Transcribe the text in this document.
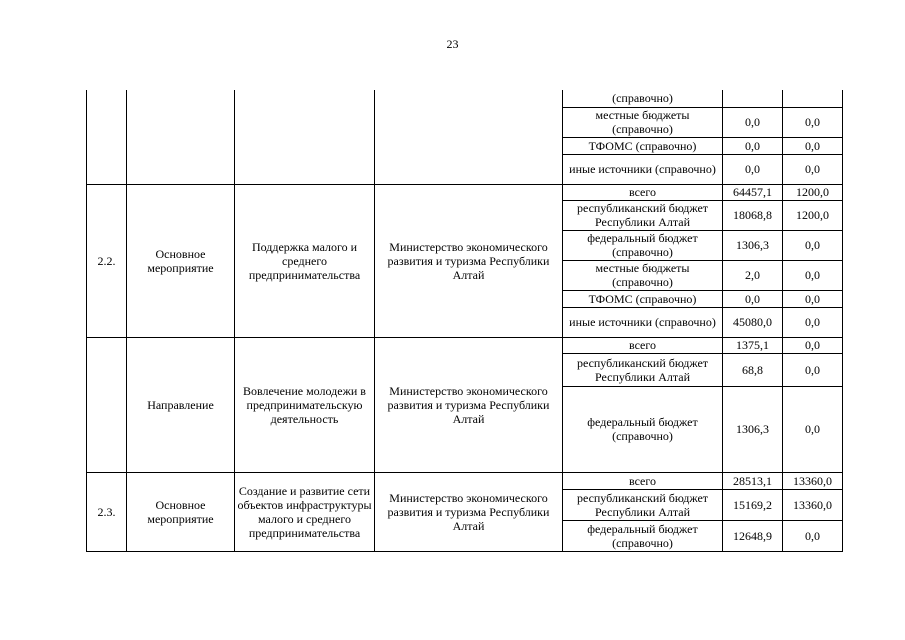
23
				(справочно)		
				местные бюджеты (справочно)	0,0	0,0
				ТФОМС (справочно)	0,0	0,0
				иные источники (справочно)	0,0	0,0
2.2.	Основное мероприятие	Поддержка малого и среднего предпринимательства	Министерство экономического развития и туризма Республики Алтай	всего	64457,1	1200,0
				республиканский бюджет Республики Алтай	18068,8	1200,0
				федеральный бюджет (справочно)	1306,3	0,0
				местные бюджеты (справочно)	2,0	0,0
				ТФОМС (справочно)	0,0	0,0
				иные источники (справочно)	45080,0	0,0
	Направление	Вовлечение молодежи в предпринимательскую деятельность	Министерство экономического развития и туризма Республики Алтай	всего	1375,1	0,0
				республиканский бюджет Республики Алтай	68,8	0,0
				федеральный бюджет (справочно)	1306,3	0,0
2.3.	Основное мероприятие	Создание и развитие сети объектов инфраструктуры малого и среднего предпринимательства	Министерство экономического развития и туризма Республики Алтай	всего	28513,1	13360,0
				республиканский бюджет Республики Алтай	15169,2	13360,0
				федеральный бюджет (справочно)	12648,9	0,0
